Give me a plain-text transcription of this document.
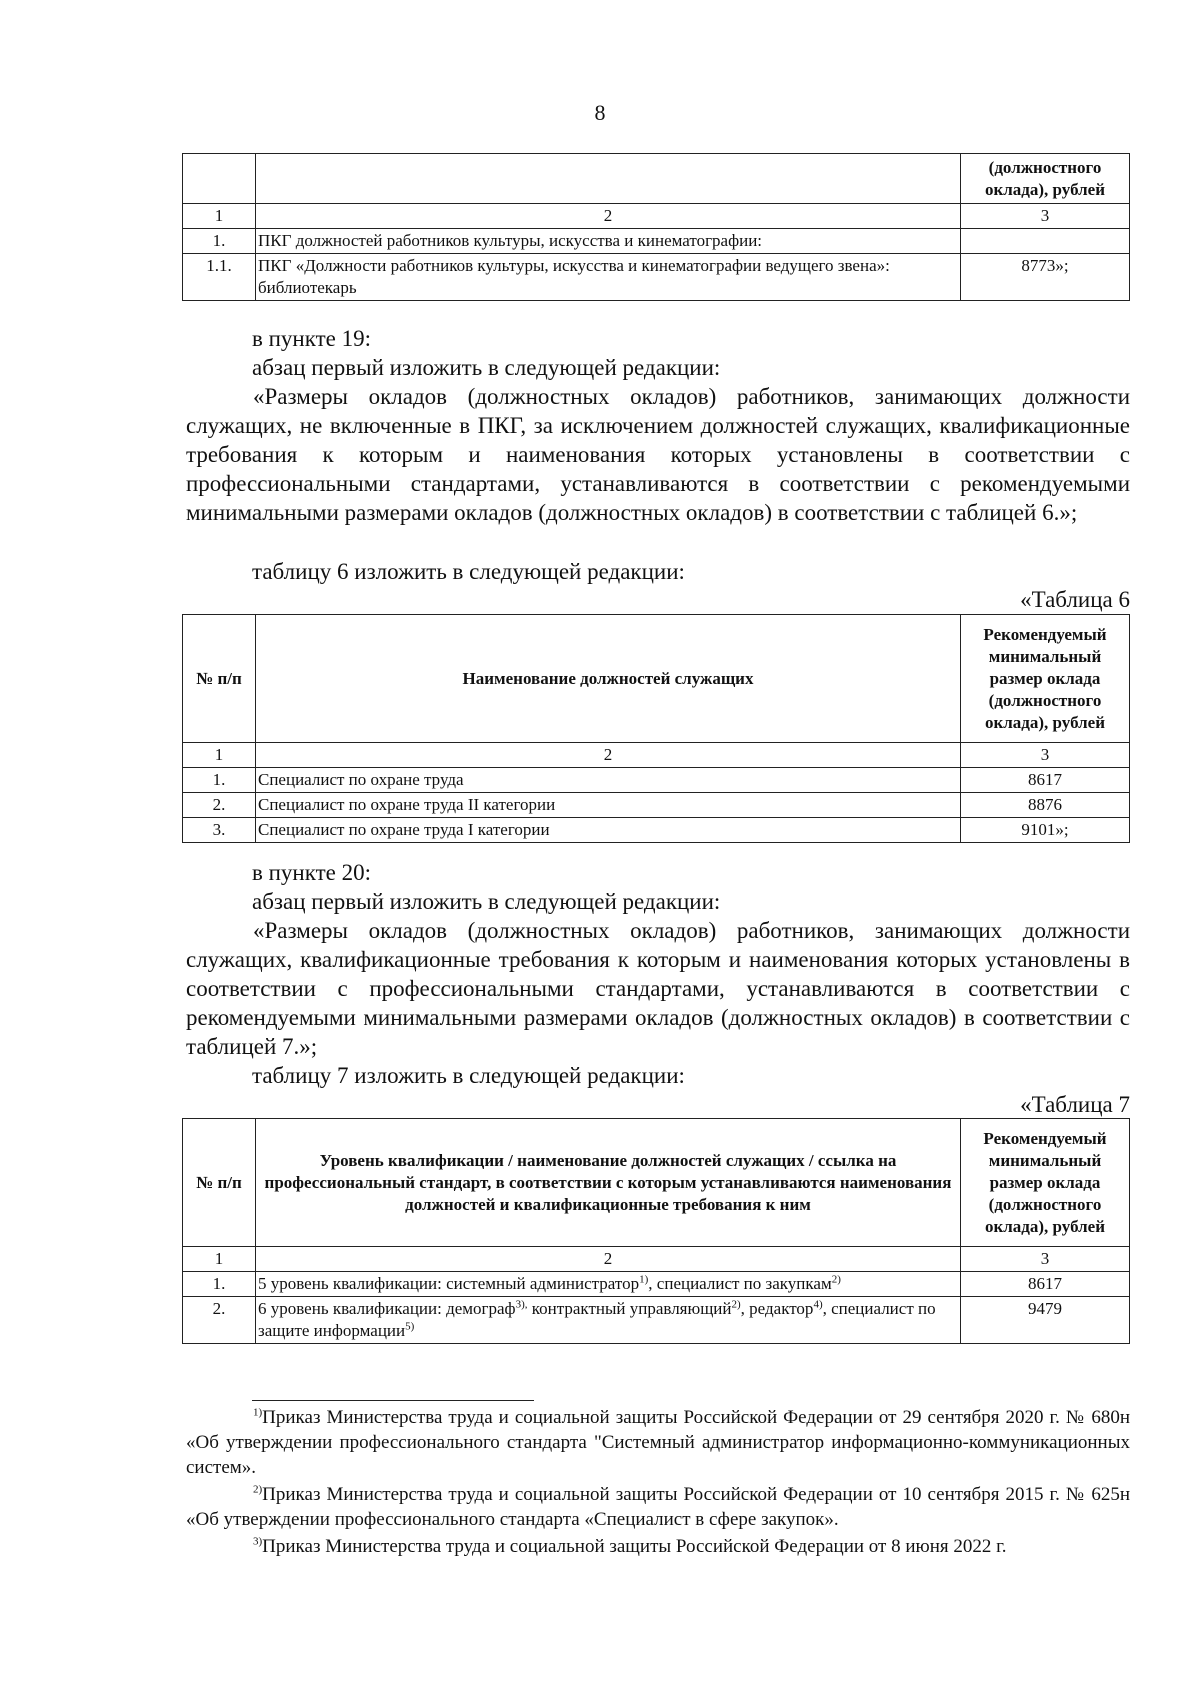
8
		(должностного оклада), рублей
1	2	3
1.	ПКГ должностей работников культуры, искусства и кинематографии:	
1.1.	ПКГ «Должности работников культуры, искусства и кинематографии ведущего звена»: библиотекарь	8773»;
в пункте 19:
абзац первый изложить в следующей редакции:

«Размеры окладов (должностных окладов) работников, занимающих должности служащих, не включенные в ПКГ, за исключением должностей служащих, квалификационные требования к которым и наименования которых установлены в соответствии с профессиональными стандартами, устанавливаются в соответствии с рекомендуемыми минимальными размерами окладов (должностных окладов) в соответствии с таблицей 6.»;

таблицу 6 изложить в следующей редакции:
«Таблица 6
№ п/п	Наименование должностей служащих	Рекомендуемый минимальный размер оклада (должностного оклада), рублей
1	2	3
1.	Специалист по охране труда	8617
2.	Специалист по охране труда II категории	8876
3.	Специалист по охране труда I категории	9101»;
в пункте 20:
абзац первый изложить в следующей редакции:

«Размеры окладов (должностных окладов) работников, занимающих должности служащих, квалификационные требования к которым и наименования которых установлены в соответствии с профессиональными стандартами, устанавливаются в соответствии с рекомендуемыми минимальными размерами окладов (должностных окладов) в соответствии с таблицей 7.»;

таблицу 7 изложить в следующей редакции:
«Таблица 7
№ п/п	Уровень квалификации / наименование должностей служащих / ссылка на профессиональный стандарт, в соответствии с которым устанавливаются наименования должностей и квалификационные требования к ним	Рекомендуемый минимальный размер оклада (должностного оклада), рублей
1	2	3
1.	5 уровень квалификации: системный администратор$^{1)}$, специалист по закупкам$^{2)}$	8617
2.	6 уровень квалификации: демограф$^{3),}$ контрактный управляющий$^{2)}$, редактор$^{4)}$, специалист по защите информации$^{5)}$	9479

$^{1)}$Приказ Министерства труда и социальной защиты Российской Федерации от 29 сентября 2020 г. № 680н «Об утверждении профессионального стандарта "Системный администратор информационно-коммуникационных систем».

$^{2)}$Приказ Министерства труда и социальной защиты Российской Федерации от 10 сентября 2015 г. № 625н «Об утверждении профессионального стандарта «Специалист в сфере закупок».

$^{3)}$Приказ Министерства труда и социальной защиты Российской Федерации от 8 июня 2022 г.
